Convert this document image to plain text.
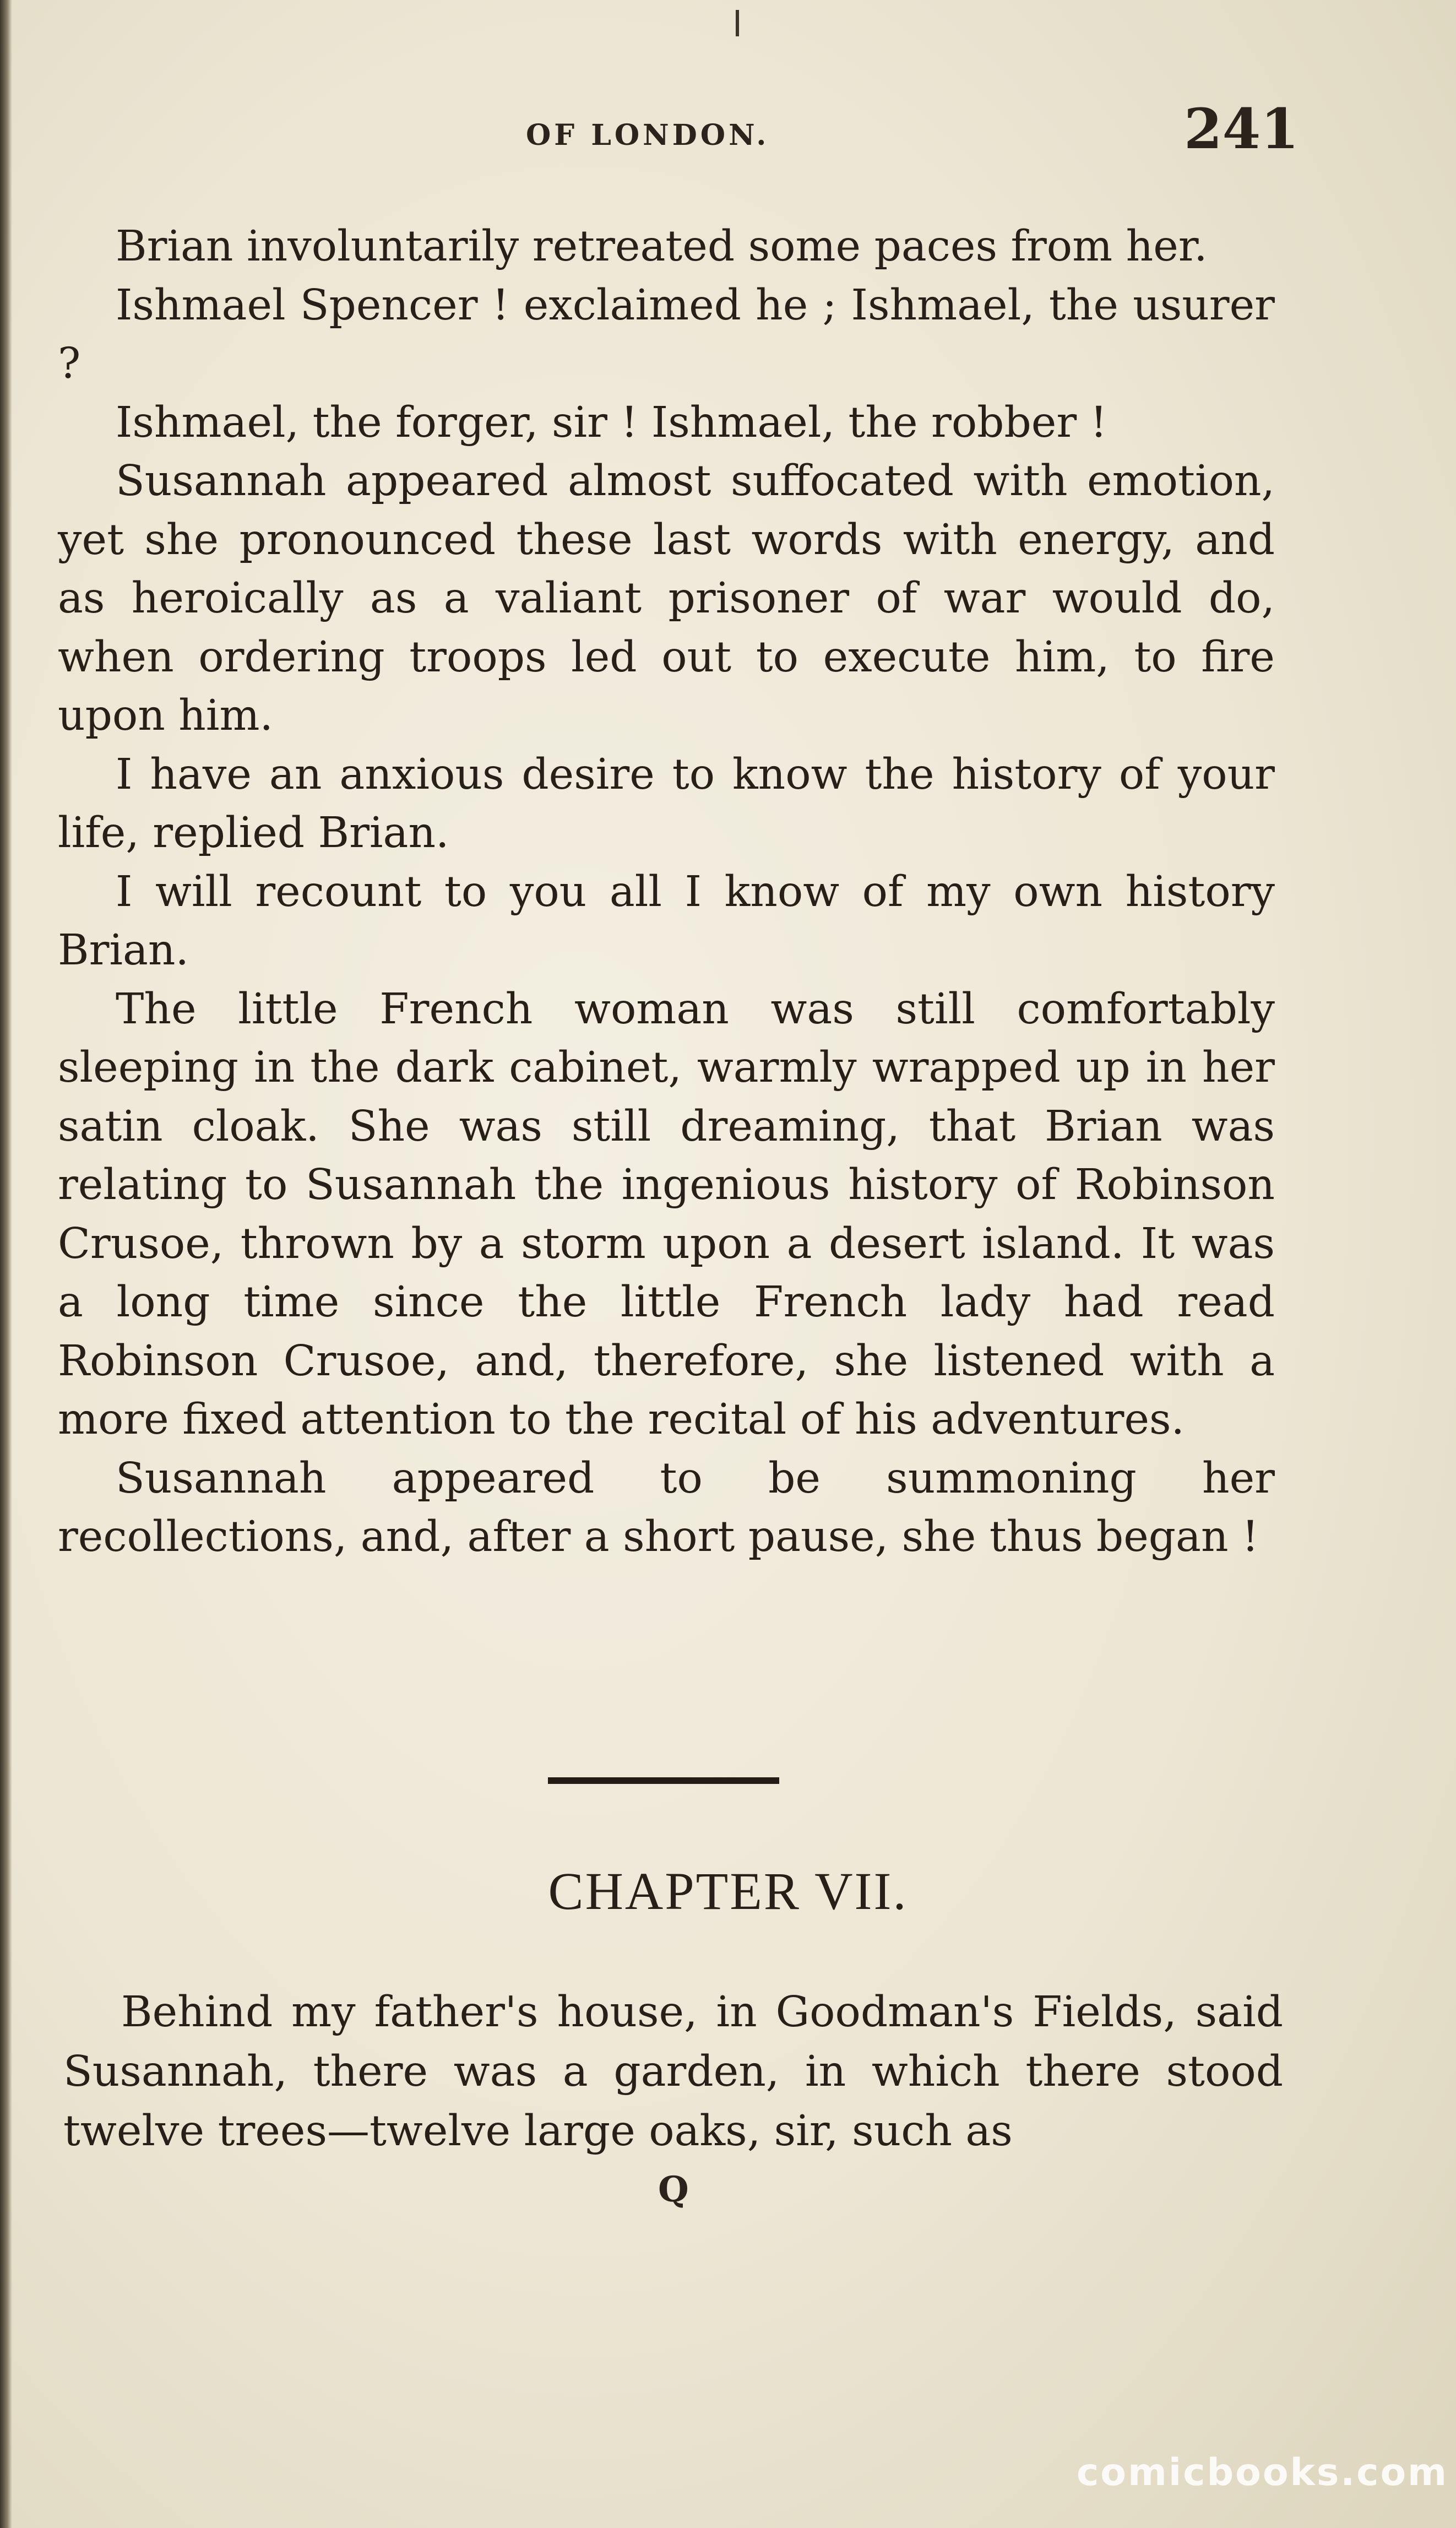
OF LONDON.	241

Brian involuntarily retreated some paces from her.

Ishmael Spencer ! exclaimed he ; Ishmael, the usurer ?

Ishmael, the forger, sir ! Ishmael, the robber !

Susannah appeared almost suffocated with emotion, yet she pronounced these last words with energy, and as heroically as a valiant prisoner of war would do, when ordering troops led out to execute him, to fire upon him.

I have an anxious desire to know the history of your life, replied Brian.

I will recount to you all I know of my own history Brian.

The little French woman was still comfortably sleeping in the dark cabinet, warmly wrapped up in her satin cloak. She was still dreaming, that Brian was relating to Susannah the ingenious history of Robinson Crusoe, thrown by a storm upon a desert island. It was a long time since the little French lady had read Robinson Crusoe, and, therefore, she listened with a more fixed attention to the recital of his adventures.

Susannah appeared to be summoning her recollections, and, after a short pause, she thus began !

CHAPTER VII.

Behind my father's house, in Goodman's Fields, said Susannah, there was a garden, in which there stood twelve trees—twelve large oaks, sir, such as

Q
comicbooks.com
